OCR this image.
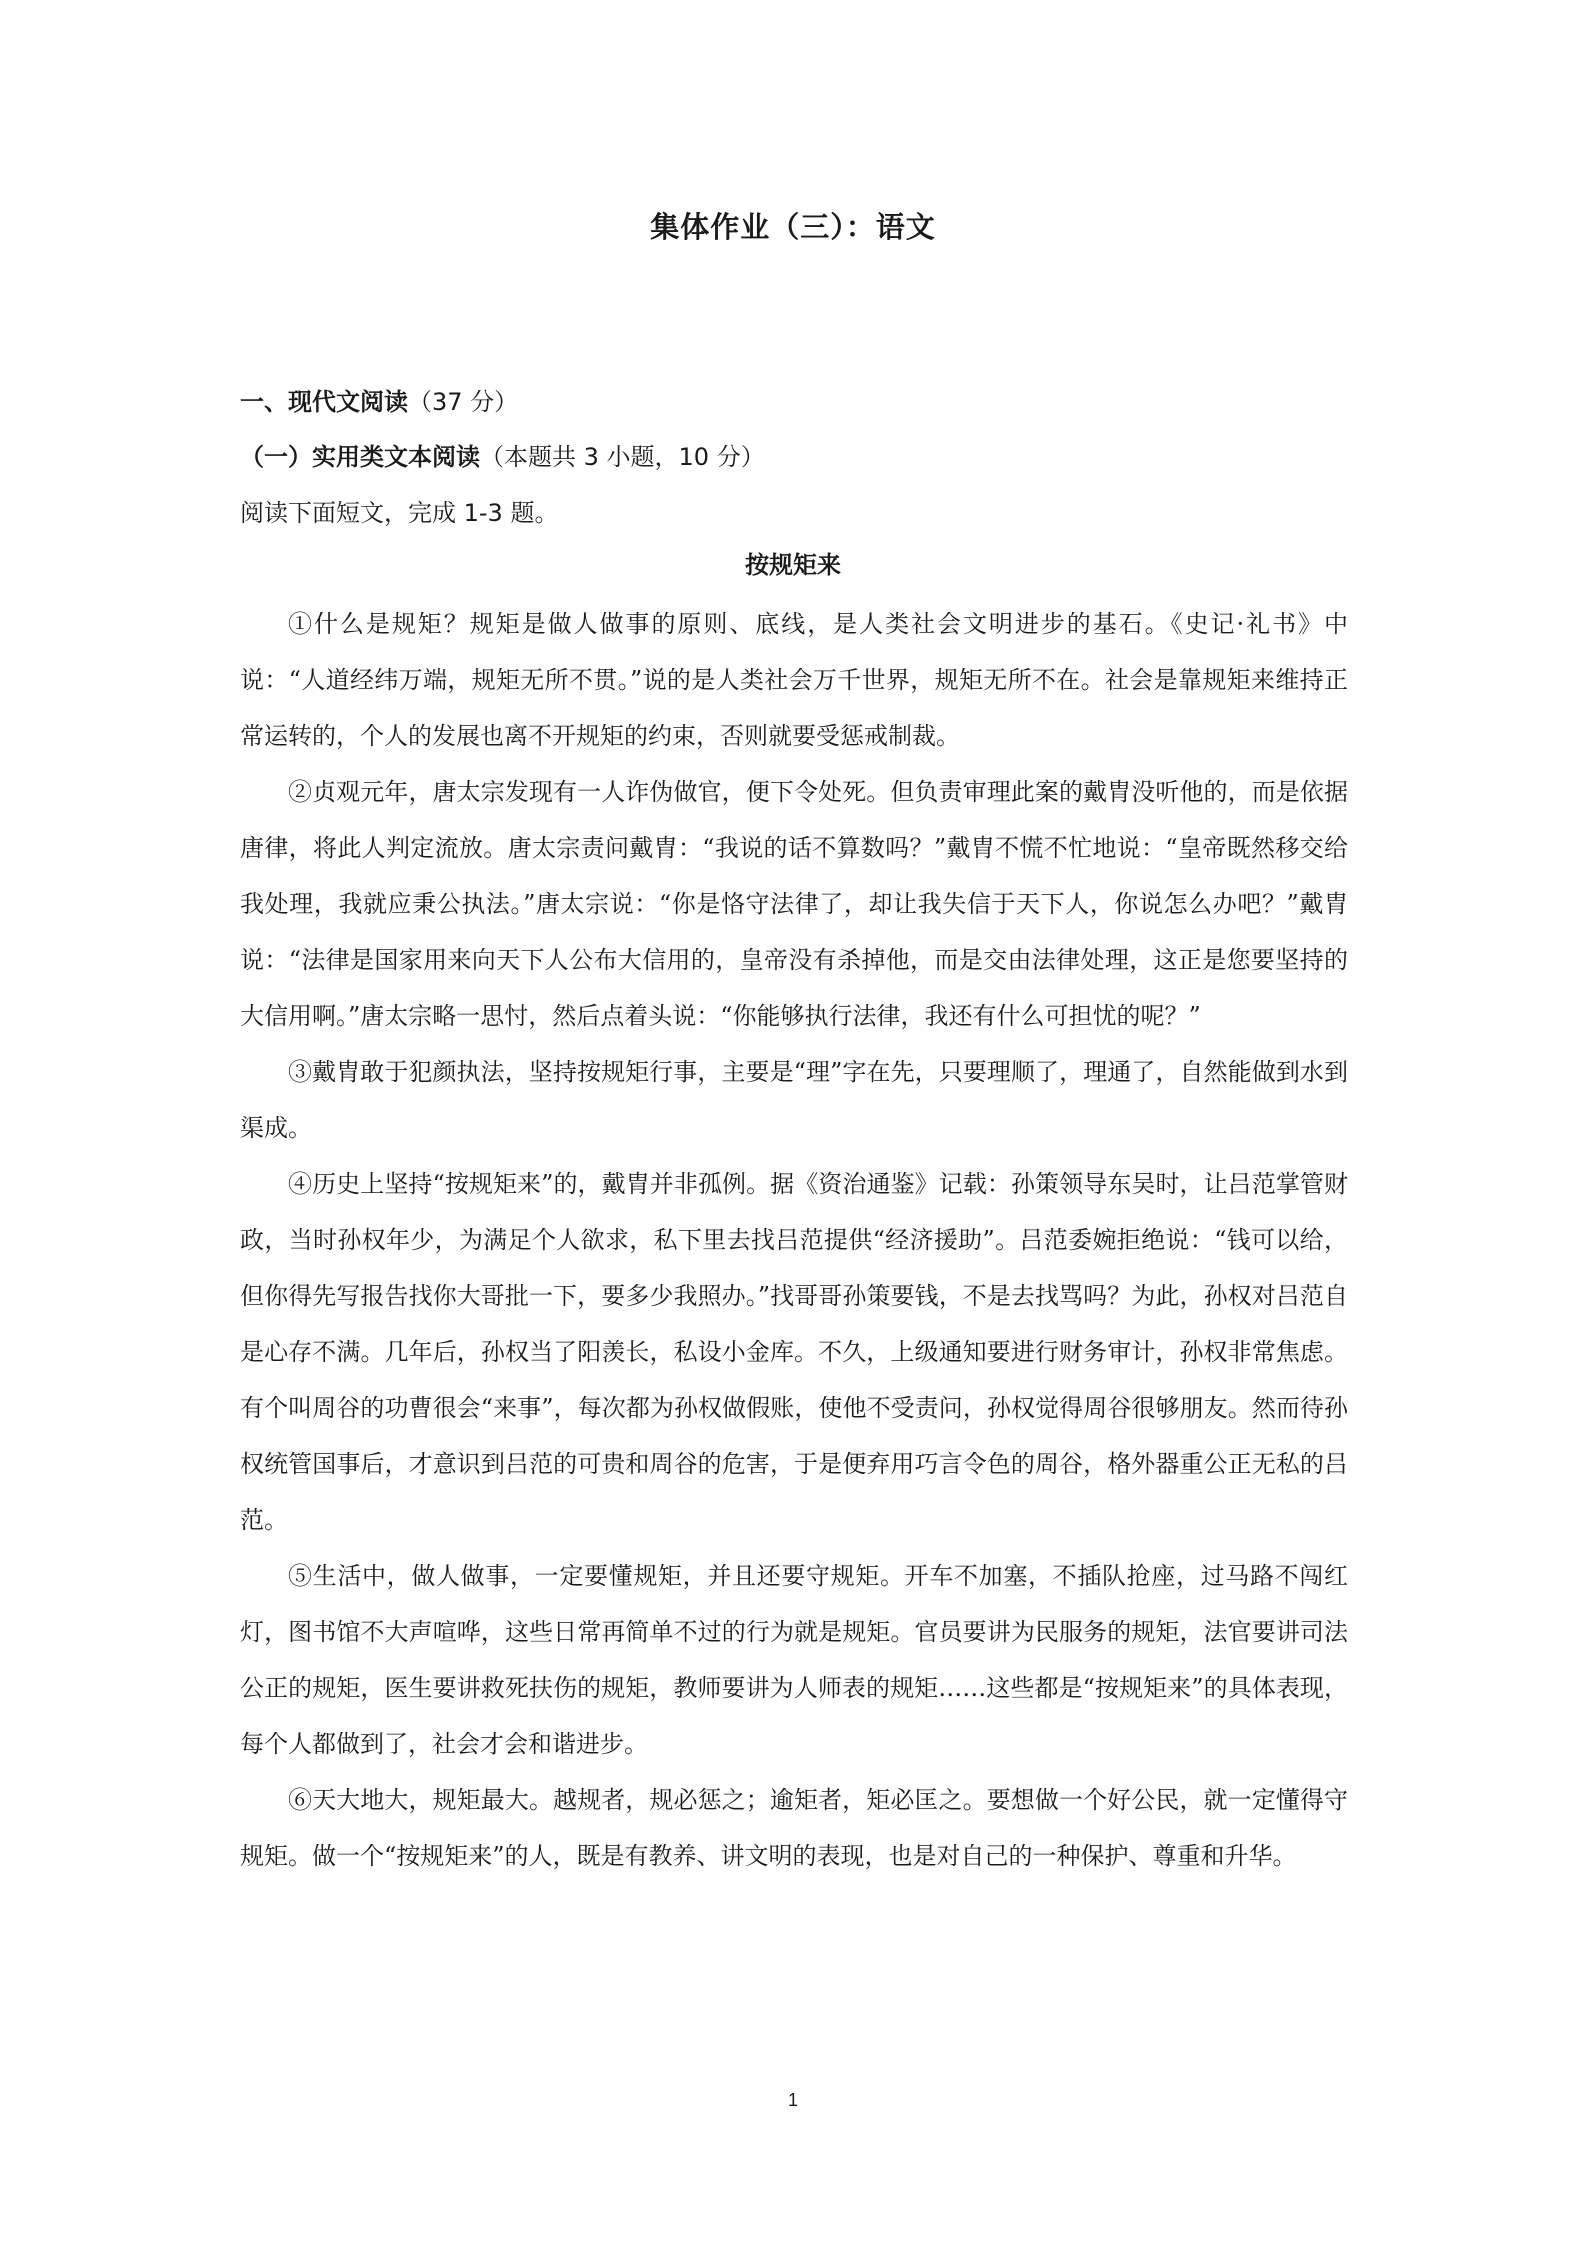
集体作业（三）：语文
一、现代文阅读（37 分）
（一）实用类文本阅读（本题共 3 小题，10 分）
阅读下面短文，完成 1-3 题。
按规矩来

①什么是规矩？规矩是做人做事的原则、底线，是人类社会文明进步的基石。《史记·礼书》中说：“人道经纬万端，规矩无所不贯。”说的是人类社会万千世界，规矩无所不在。社会是靠规矩来维持正常运转的，个人的发展也离不开规矩的约束，否则就要受惩戒制裁。

②贞观元年，唐太宗发现有一人诈伪做官，便下令处死。但负责审理此案的戴胄没听他的，而是依据唐律，将此人判定流放。唐太宗责问戴胄：“我说的话不算数吗？”戴胄不慌不忙地说：“皇帝既然移交给我处理，我就应秉公执法。”唐太宗说：“你是恪守法律了，却让我失信于天下人，你说怎么办吧？”戴胄说：“法律是国家用来向天下人公布大信用的，皇帝没有杀掉他，而是交由法律处理，这正是您要坚持的大信用啊。”唐太宗略一思忖，然后点着头说：“你能够执行法律，我还有什么可担忧的呢？”

③戴胄敢于犯颜执法，坚持按规矩行事，主要是“理”字在先，只要理顺了，理通了，自然能做到水到渠成。

④历史上坚持“按规矩来”的，戴胄并非孤例。据《资治通鉴》记载：孙策领导东吴时，让吕范掌管财政，当时孙权年少，为满足个人欲求，私下里去找吕范提供“经济援助”。吕范委婉拒绝说：“钱可以给，但你得先写报告找你大哥批一下，要多少我照办。”找哥哥孙策要钱，不是去找骂吗？为此，孙权对吕范自是心存不满。几年后，孙权当了阳羡长，私设小金库。不久，上级通知要进行财务审计，孙权非常焦虑。有个叫周谷的功曹很会“来事”，每次都为孙权做假账，使他不受责问，孙权觉得周谷很够朋友。然而待孙权统管国事后，才意识到吕范的可贵和周谷的危害，于是便弃用巧言令色的周谷，格外器重公正无私的吕范。

⑤生活中，做人做事，一定要懂规矩，并且还要守规矩。开车不加塞，不插队抢座，过马路不闯红灯，图书馆不大声喧哗，这些日常再简单不过的行为就是规矩。官员要讲为民服务的规矩，法官要讲司法公正的规矩，医生要讲救死扶伤的规矩，教师要讲为人师表的规矩……这些都是“按规矩来”的具体表现，每个人都做到了，社会才会和谐进步。

⑥天大地大，规矩最大。越规者，规必惩之；逾矩者，矩必匡之。要想做一个好公民，就一定懂得守规矩。做一个“按规矩来”的人，既是有教养、讲文明的表现，也是对自己的一种保护、尊重和升华。

1
